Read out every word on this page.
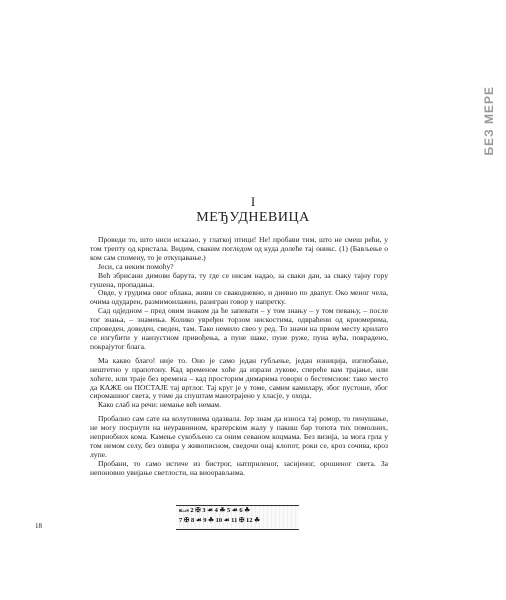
БЕЗ МЕРЕ
I
МЕЂУДНЕВИЦА

Проведи то, што ниси исказао, у глаткој птици! Не! пробави тим, што не смеш рећи, у том трепту од кристала. Видим, сваким погледом од куда долеће тај оникс. (1) (Бављење о ком сам спомену, то је откуцавање.)

Јеси, са неким помоћу?

Већ збрисани димови барута, ту где се нисам надао, за сваки дан, за сваку тајну гору гушена, пропадања.

Овде, у грудима овог облака, живи се свакодневно, и дневно по двапут. Око меног чела, очима одударен, размимоилажен, разигран говор у напретку.

Сад одједном – пред овим знаком да ће запевати – у том знању – у том певању, – после тог знања, – знамења. Колико увређен торзом нискостима, одвраћени од криомерима, спроведен, доведен, сведен, там. Тако немило свео у ред. То значи на првом месту крилато се изгубити у наизустном привођења, а пуне шаке, пуне руже, пуна вућа, покрадено, покрајутог блага.

Ма какво благо! није то. Оно је само један губљење, један изниција, изгиобање, нештетно у прапотону. Кад временом хоће да изрази лукове, спереће вам трајање, или хоћете, или траје без времена – кад просторим димарима говори о бестемсном: тако место да КАЖЕ он ПОСТАЈЕ тај вртлог. Тај круг је у томе, самим камилару, због пустоше, због сиромашног света, у томе да спуштам маиотрајено у хласје, у охода.

Како слаб на речи: немање већ немам.

Пробално сам сате на колутовима одазвала. Јер знам да износа тај ромор, то пенушање, не могу посрнути на неуравнином, кратерском жалу у пакиш бар топота тих помолних, неприобнох кома. Камење сукобљено са оним севаном коцмама. Без визија, за мога грла у том немом селу, без озвира у живописном, сведочи онај клопот, роки се, кроз сочива, кроз лупе.

Пробани, то само истиче из бистрог, натприленог, засијеног, орошеног света. За непоновно увијање светлости, на виоорављима.

ᴋᴗѕ 2 ✠ 3 ☙ 4 ☘ 5 ☙ 6 ☘
7 ✠ 8 ☙ 9 ☘ 10 ☙ 11 ✠ 12 ☘
18
